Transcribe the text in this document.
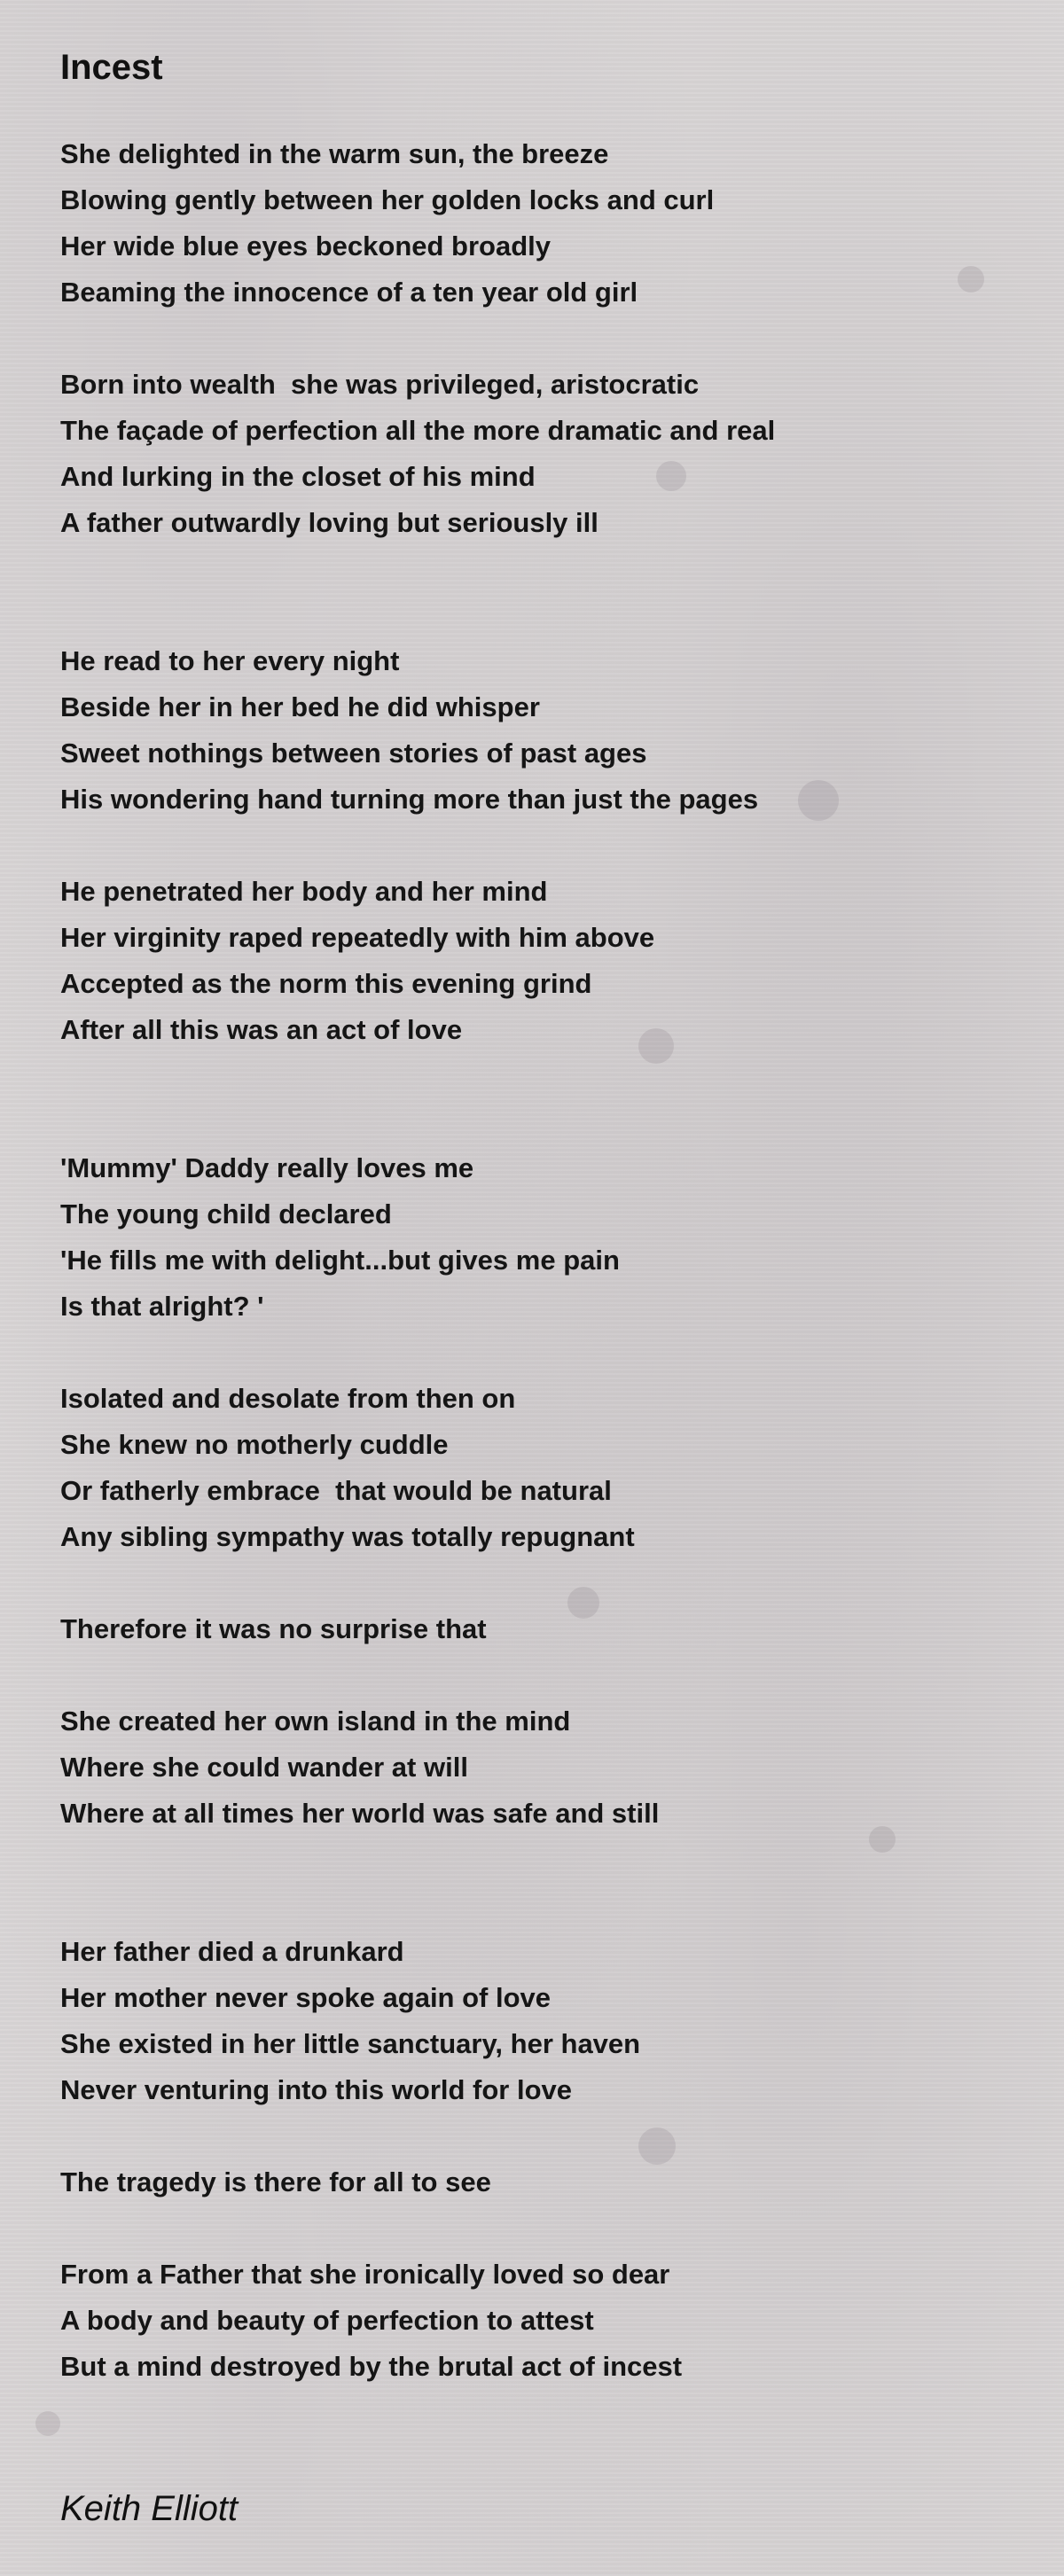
Incest
She delighted in the warm sun, the breeze
Blowing gently between her golden locks and curl
Her wide blue eyes beckoned broadly
Beaming the innocence of a ten year old girl
Born into wealth  she was privileged, aristocratic
The façade of perfection all the more dramatic and real
And lurking in the closet of his mind
A father outwardly loving but seriously ill
He read to her every night
Beside her in her bed he did whisper
Sweet nothings between stories of past ages
His wondering hand turning more than just the pages
He penetrated her body and her mind
Her virginity raped repeatedly with him above
Accepted as the norm this evening grind
After all this was an act of love
'Mummy' Daddy really loves me
The young child declared
'He fills me with delight...but gives me pain
Is that alright? '
Isolated and desolate from then on
She knew no motherly cuddle
Or fatherly embrace  that would be natural
Any sibling sympathy was totally repugnant
Therefore it was no surprise that
She created her own island in the mind
Where she could wander at will
Where at all times her world was safe and still
Her father died a drunkard
Her mother never spoke again of love
She existed in her little sanctuary, her haven
Never venturing into this world for love
The tragedy is there for all to see
From a Father that she ironically loved so dear
A body and beauty of perfection to attest
But a mind destroyed by the brutal act of incest
Keith Elliott
